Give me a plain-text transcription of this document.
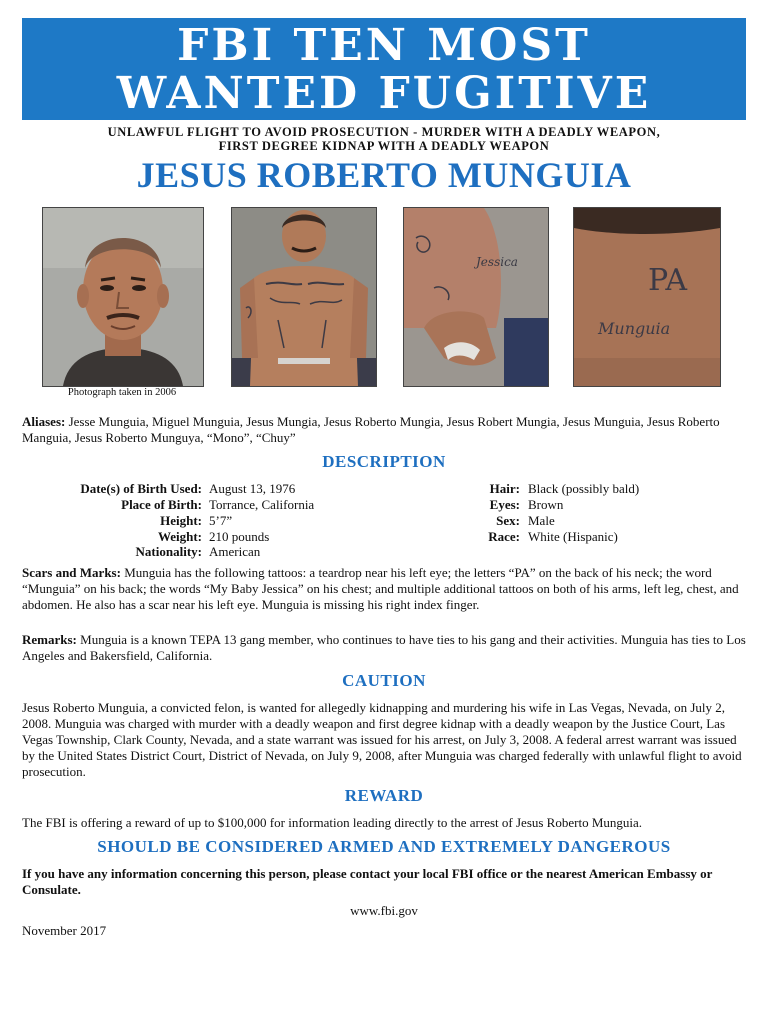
FBI TEN MOST
WANTED FUGITIVE
UNLAWFUL FLIGHT TO AVOID PROSECUTION - MURDER WITH A DEADLY WEAPON,
FIRST DEGREE KIDNAP WITH A DEADLY WEAPON
JESUS ROBERTO MUNGUIA
Jessica
PA
Munguia
Photograph taken in 2006
Aliases: Jesse Munguia, Miguel Munguia, Jesus Mungia, Jesus Roberto Mungia, Jesus Robert Mungia, Jesus Munguia, Jesus Roberto Manguia, Jesus Roberto Munguya, “Mono”, “Chuy”
DESCRIPTION
Date(s) of Birth Used: August 13, 1976
Place of Birth: Torrance, California
Height: 5’7”
Weight: 210 pounds
Nationality: American
Hair: Black (possibly bald)
Eyes: Brown
Sex: Male
Race: White (Hispanic)
Scars and Marks: Munguia has the following tattoos: a teardrop near his left eye; the letters “PA” on the back of his neck; the word “Munguia” on his back; the words “My Baby Jessica” on his chest; and multiple additional tattoos on both of his arms, left leg, chest, and abdomen. He also has a scar near his left eye. Munguia is missing his right index finger.
Remarks: Munguia is a known TEPA 13 gang member, who continues to have ties to his gang and their activities. Munguia has ties to Los Angeles and Bakersfield, California.
CAUTION
Jesus Roberto Munguia, a convicted felon, is wanted for allegedly kidnapping and murdering his wife in Las Vegas, Nevada, on July 2, 2008. Munguia was charged with murder with a deadly weapon and first degree kidnap with a deadly weapon by the Justice Court, Las Vegas Township, Clark County, Nevada, and a state warrant was issued for his arrest, on July 3, 2008. A federal arrest warrant was issued by the United States District Court, District of Nevada, on July 9, 2008, after Munguia was charged federally with unlawful flight to avoid prosecution.
REWARD
The FBI is offering a reward of up to $100,000 for information leading directly to the arrest of Jesus Roberto Munguia.
SHOULD BE CONSIDERED ARMED AND EXTREMELY DANGEROUS
If you have any information concerning this person, please contact your local FBI office or the nearest American Embassy or Consulate.
www.fbi.gov
November 2017
